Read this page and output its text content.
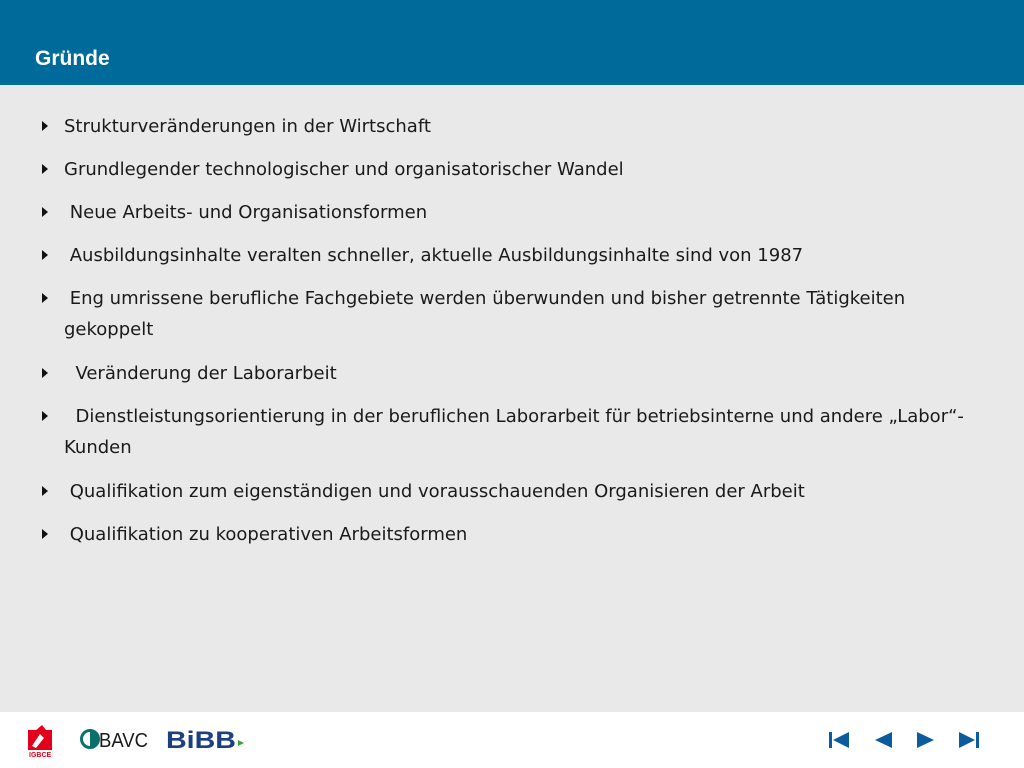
Gründe
Strukturveränderungen in der Wirtschaft
Grundlegender technologischer und organisatorischer Wandel
Neue Arbeits- und Organisationsformen
Ausbildungsinhalte veralten schneller, aktuelle Ausbildungsinhalte sind von 1987
Eng umrissene berufliche Fachgebiete werden überwunden und bisher getrennte Tätigkeiten gekoppelt
Veränderung der Laborarbeit
Dienstleistungsorientierung in der beruflichen Laborarbeit für betriebsinterne und andere „Labor“-Kunden
Qualifikation zum eigenständigen und vorausschauenden Organisieren der Arbeit
Qualifikation zu kooperativen Arbeitsformen
IGBCE
BAVC BiBB
